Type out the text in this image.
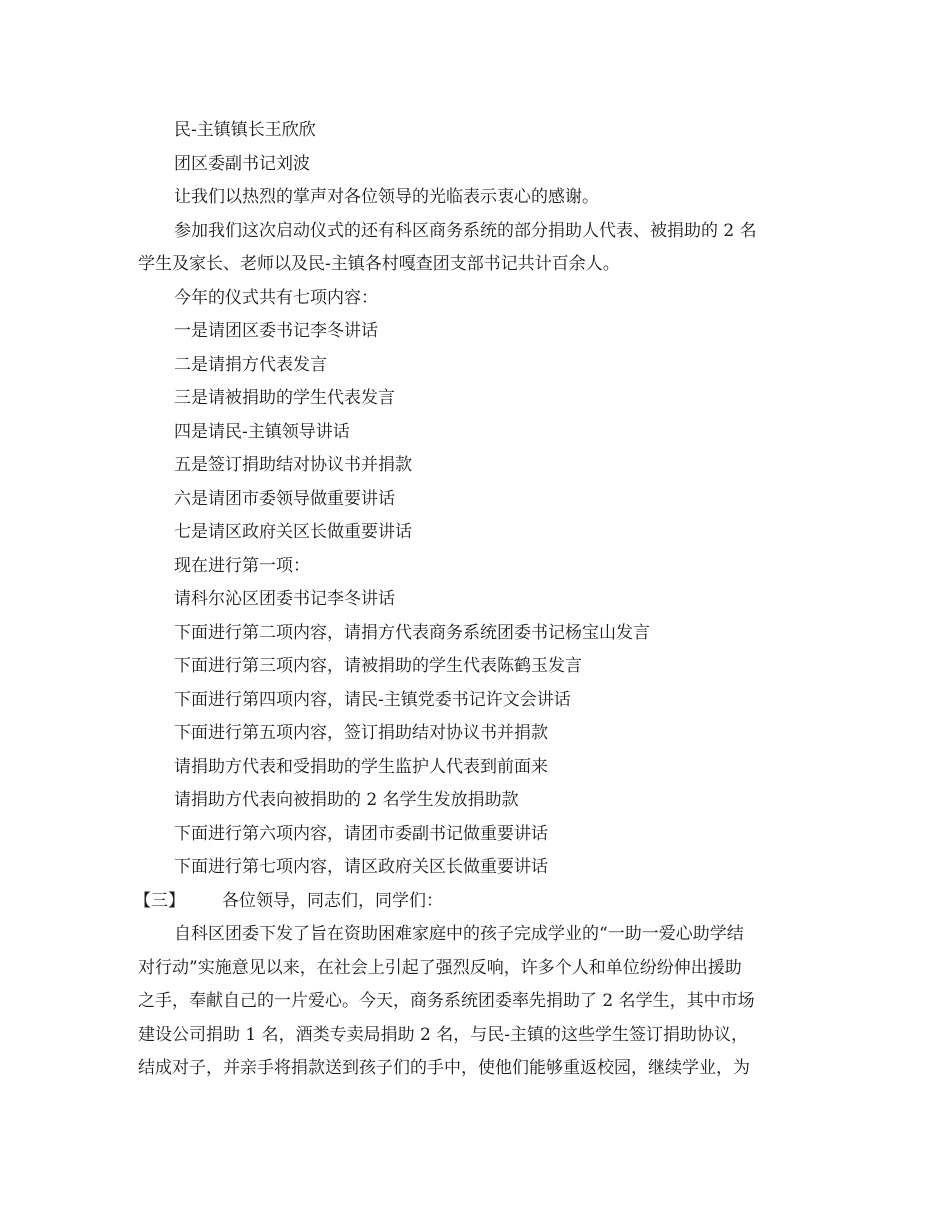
民-主镇镇长王欣欣
团区委副书记刘波
让我们以热烈的掌声对各位领导的光临表示衷心的感谢。
参加我们这次启动仪式的还有科区商务系统的部分捐助人代表、被捐助的 2 名
学生及家长、老师以及民-主镇各村嘎查团支部书记共计百余人。
今年的仪式共有七项内容：
一是请团区委书记李冬讲话
二是请捐方代表发言
三是请被捐助的学生代表发言
四是请民-主镇领导讲话
五是签订捐助结对协议书并捐款
六是请团市委领导做重要讲话
七是请区政府关区长做重要讲话
现在进行第一项：
请科尔沁区团委书记李冬讲话
下面进行第二项内容，请捐方代表商务系统团委书记杨宝山发言
下面进行第三项内容，请被捐助的学生代表陈鹤玉发言
下面进行第四项内容，请民-主镇党委书记许文会讲话
下面进行第五项内容，签订捐助结对协议书并捐款
请捐助方代表和受捐助的学生监护人代表到前面来
请捐助方代表向被捐助的 2 名学生发放捐助款
下面进行第六项内容，请团市委副书记做重要讲话
下面进行第七项内容，请区政府关区长做重要讲话
【三】 各位领导，同志们，同学们：
自科区团委下发了旨在资助困难家庭中的孩子完成学业的“一助一爱心助学结
对行动”实施意见以来，在社会上引起了强烈反响，许多个人和单位纷纷伸出援助
之手，奉献自己的一片爱心。今天，商务系统团委率先捐助了 2 名学生，其中市场
建设公司捐助 1 名，酒类专卖局捐助 2 名，与民-主镇的这些学生签订捐助协议，
结成对子，并亲手将捐款送到孩子们的手中，使他们能够重返校园，继续学业，为
